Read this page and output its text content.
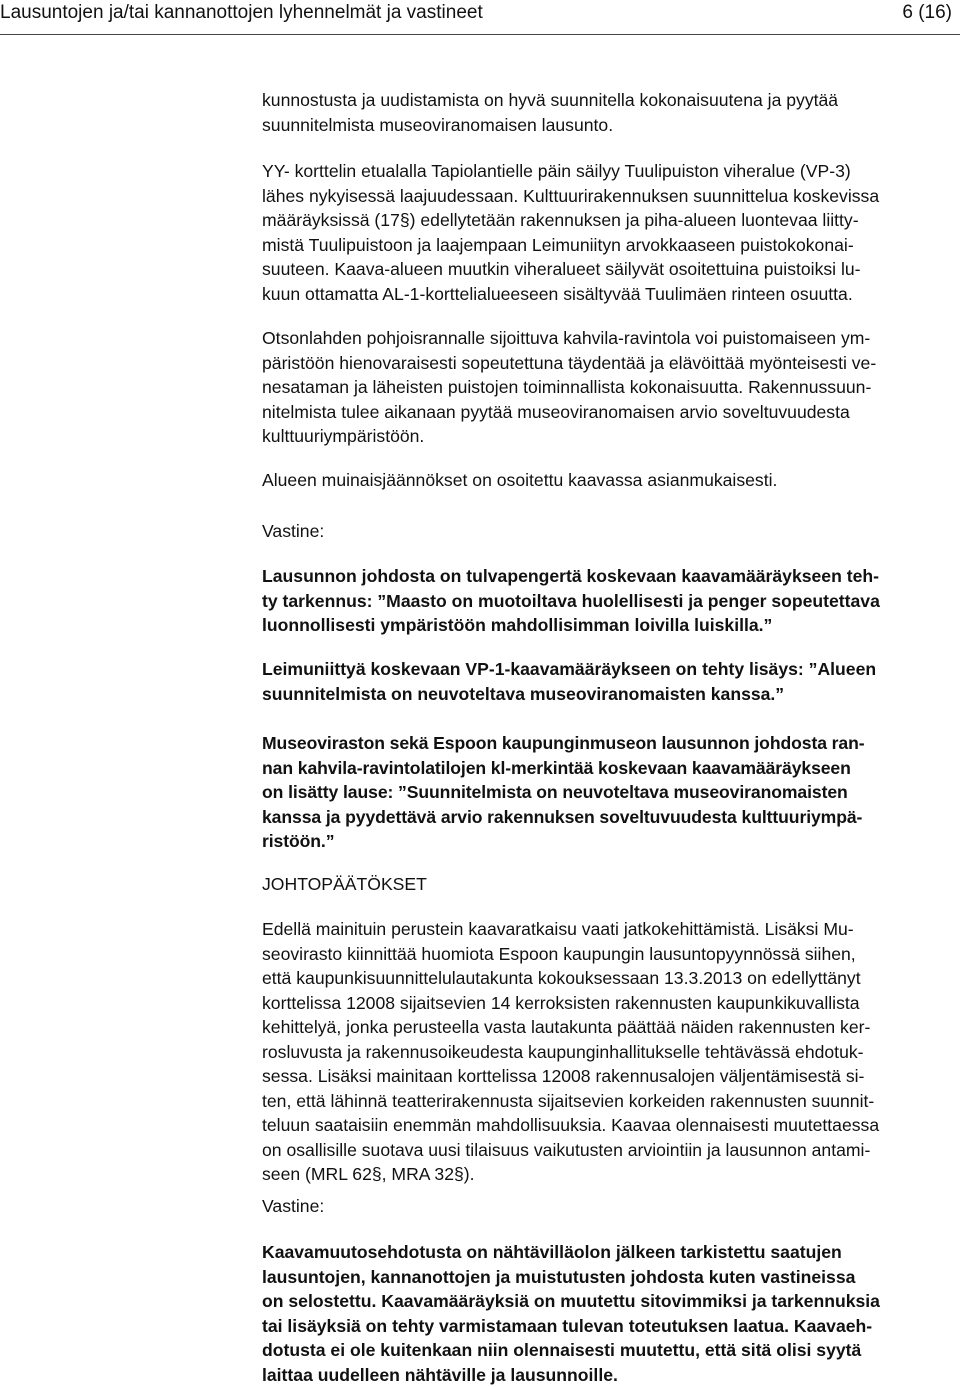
Lausuntojen ja/tai kannanottojen lyhennelmät ja vastineet	6 (16)
kunnostusta ja uudistamista on hyvä suunnitella kokonaisuutena ja pyytää
suunnitelmista museoviranomaisen lausunto.
YY- korttelin etualalla Tapiolantielle päin säilyy Tuulipuiston viheralue (VP-3)
lähes nykyisessä laajuudessaan. Kulttuurirakennuksen suunnittelua koskevissa
määräyksissä (17§) edellytetään rakennuksen ja piha-alueen luontevaa liitty-
mistä Tuulipuistoon ja laajempaan Leimuniityn arvokkaaseen puistokokonai-
suuteen. Kaava-alueen muutkin viheralueet säilyvät osoitettuina puistoiksi lu-
kuun ottamatta AL-1-korttelialueeseen sisältyvää Tuulimäen rinteen osuutta.
Otsonlahden pohjoisrannalle sijoittuva kahvila-ravintola voi puistomaiseen ym-
päristöön hienovaraisesti sopeutettuna täydentää ja elävöittää myönteisesti ve-
nesataman ja läheisten puistojen toiminnallista kokonaisuutta. Rakennussuun-
nitelmista tulee aikanaan pyytää museoviranomaisen arvio soveltuvuudesta
kulttuuriympäristöön.
Alueen muinaisjäännökset on osoitettu kaavassa asianmukaisesti.
Vastine:
Lausunnon johdosta on tulvapengertä koskevaan kaavamääräykseen teh-
ty tarkennus: ”Maasto on muotoiltava huolellisesti ja penger sopeutettava
luonnollisesti ympäristöön mahdollisimman loivilla luiskilla.”
Leimuniittyä koskevaan VP-1-kaavamääräykseen on tehty lisäys: ”Alueen
suunnitelmista on neuvoteltava museoviranomaisten kanssa.”
Museoviraston sekä Espoon kaupunginmuseon lausunnon johdosta ran-
nan kahvila-ravintolatilojen kl-merkintää koskevaan kaavamääräykseen
on lisätty lause: ”Suunnitelmista on neuvoteltava museoviranomaisten
kanssa ja pyydettävä arvio rakennuksen soveltuvuudesta kulttuuriympä-
ristöön.”
JOHTOPÄÄTÖKSET
Edellä mainituin perustein kaavaratkaisu vaati jatkokehittämistä. Lisäksi Mu-
seovirasto kiinnittää huomiota Espoon kaupungin lausuntopyynnössä siihen,
että kaupunkisuunnittelulautakunta kokouksessaan 13.3.2013 on edellyttänyt
korttelissa 12008 sijaitsevien 14 kerroksisten rakennusten kaupunkikuvallista
kehittelyä, jonka perusteella vasta lautakunta päättää näiden rakennusten ker-
rosluvusta ja rakennusoikeudesta kaupunginhallitukselle tehtävässä ehdotuk-
sessa. Lisäksi mainitaan korttelissa 12008 rakennusalojen väljentämisestä si-
ten, että lähinnä teatterirakennusta sijaitsevien korkeiden rakennusten suunnit-
teluun saataisiin enemmän mahdollisuuksia. Kaavaa olennaisesti muutettaessa
on osallisille suotava uusi tilaisuus vaikutusten arviointiin ja lausunnon antami-
seen (MRL 62§, MRA 32§).
Vastine:
Kaavamuutosehdotusta on nähtävilläolon jälkeen tarkistettu saatujen
lausuntojen, kannanottojen ja muistutusten johdosta kuten vastineissa
on selostettu. Kaavamääräyksiä on muutettu sitovimmiksi ja tarkennuksia
tai lisäyksiä on tehty varmistamaan tulevan toteutuksen laatua. Kaavaeh-
dotusta ei ole kuitenkaan niin olennaisesti muutettu, että sitä olisi syytä
laittaa uudelleen nähtäville ja lausunnoille.
